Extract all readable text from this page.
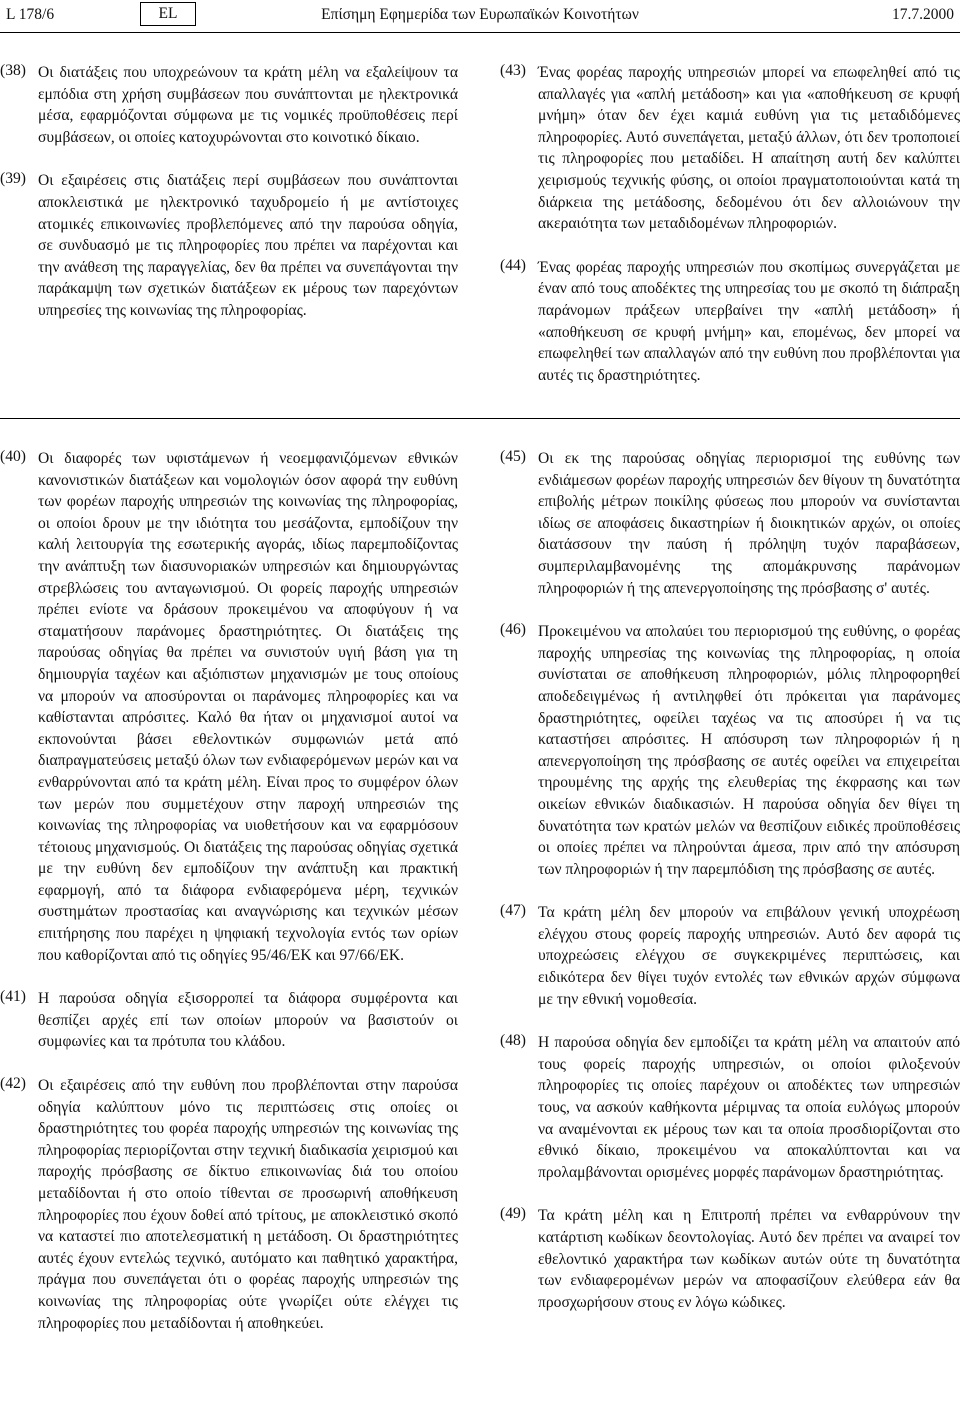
L 178/6	EL	Επίσημη Εφημερίδα των Ευρωπαϊκών Κοινοτήτων	17.7.2000
(38) Οι διατάξεις που υποχρεώνουν τα κράτη μέλη να εξαλείψουν τα εμπόδια στη χρήση συμβάσεων που συνάπτονται με ηλεκτρονικά μέσα, εφαρμόζονται σύμφωνα με τις νομικές προϋποθέσεις περί συμβάσεων, οι οποίες κατοχυρώνονται στο κοινοτικό δίκαιο.
(39) Οι εξαιρέσεις στις διατάξεις περί συμβάσεων που συνάπτονται αποκλειστικά με ηλεκτρονικό ταχυδρομείο ή με αντίστοιχες ατομικές επικοινωνίες προβλεπόμενες από την παρούσα οδηγία, σε συνδυασμό με τις πληροφορίες που πρέπει να παρέχονται και την ανάθεση της παραγγελίας, δεν θα πρέπει να συνεπάγονται την παράκαμψη των σχετικών διατάξεων εκ μέρους των παρεχόντων υπηρεσίες της κοινωνίας της πληροφορίας.
(43) Ένας φορέας παροχής υπηρεσιών μπορεί να επωφεληθεί από τις απαλλαγές για «απλή μετάδοση» και για «αποθήκευση σε κρυφή μνήμη» όταν δεν έχει καμιά ευθύνη για τις μεταδιδόμενες πληροφορίες. Αυτό συνεπάγεται, μεταξύ άλλων, ότι δεν τροποποιεί τις πληροφορίες που μεταδίδει. Η απαίτηση αυτή δεν καλύπτει χειρισμούς τεχνικής φύσης, οι οποίοι πραγματοποιούνται κατά τη διάρκεια της μετάδοσης, δεδομένου ότι δεν αλλοιώνουν την ακεραιότητα των μεταδιδομένων πληροφοριών.
(44) Ένας φορέας παροχής υπηρεσιών που σκοπίμως συνεργάζεται με έναν από τους αποδέκτες της υπηρεσίας του με σκοπό τη διάπραξη παράνομων πράξεων υπερβαίνει την «απλή μετάδοση» ή «αποθήκευση σε κρυφή μνήμη» και, επομένως, δεν μπορεί να επωφεληθεί των απαλλαγών από την ευθύνη που προβλέπονται για αυτές τις δραστηριότητες.
(40) Οι διαφορές των υφιστάμενων ή νεοεμφανιζόμενων εθνικών κανονιστικών διατάξεων και νομολογιών όσον αφορά την ευθύνη των φορέων παροχής υπηρεσιών της κοινωνίας της πληροφορίας, οι οποίοι δρουν με την ιδιότητα του μεσάζοντα, εμποδίζουν την καλή λειτουργία της εσωτερικής αγοράς, ιδίως παρεμποδίζοντας την ανάπτυξη των διασυνοριακών υπηρεσιών και δημιουργώντας στρεβλώσεις του ανταγωνισμού. Οι φορείς παροχής υπηρεσιών πρέπει ενίοτε να δράσουν προκειμένου να αποφύγουν ή να σταματήσουν παράνομες δραστηριότητες. Οι διατάξεις της παρούσας οδηγίας θα πρέπει να συνιστούν υγιή βάση για τη δημιουργία ταχέων και αξιόπιστων μηχανισμών με τους οποίους να μπορούν να αποσύρονται οι παράνομες πληροφορίες και να καθίστανται απρόσιτες. Καλό θα ήταν οι μηχανισμοί αυτοί να εκπονούνται βάσει εθελοντικών συμφωνιών μετά από διαπραγματεύσεις μεταξύ όλων των ενδιαφερόμενων μερών και να ενθαρρύνονται από τα κράτη μέλη. Είναι προς το συμφέρον όλων των μερών που συμμετέχουν στην παροχή υπηρεσιών της κοινωνίας της πληροφορίας να υιοθετήσουν και να εφαρμόσουν τέτοιους μηχανισμούς. Οι διατάξεις της παρούσας οδηγίας σχετικά με την ευθύνη δεν εμποδίζουν την ανάπτυξη και πρακτική εφαρμογή, από τα διάφορα ενδιαφερόμενα μέρη, τεχνικών συστημάτων προστασίας και αναγνώρισης και τεχνικών μέσων επιτήρησης που παρέχει η ψηφιακή τεχνολογία εντός των ορίων που καθορίζονται από τις οδηγίες 95/46/ΕΚ και 97/66/ΕΚ.
(41) Η παρούσα οδηγία εξισορροπεί τα διάφορα συμφέροντα και θεσπίζει αρχές επί των οποίων μπορούν να βασιστούν οι συμφωνίες και τα πρότυπα του κλάδου.
(42) Οι εξαιρέσεις από την ευθύνη που προβλέπονται στην παρούσα οδηγία καλύπτουν μόνο τις περιπτώσεις στις οποίες οι δραστηριότητες του φορέα παροχής υπηρεσιών της κοινωνίας της πληροφορίας περιορίζονται στην τεχνική διαδικασία χειρισμού και παροχής πρόσβασης σε δίκτυο επικοινωνίας διά του οποίου μεταδίδονται ή στο οποίο τίθενται σε προσωρινή αποθήκευση πληροφορίες που έχουν δοθεί από τρίτους, με αποκλειστικό σκοπό να καταστεί πιο αποτελεσματική η μετάδοση. Οι δραστηριότητες αυτές έχουν εντελώς τεχνικό, αυτόματο και παθητικό χαρακτήρα, πράγμα που συνεπάγεται ότι ο φορέας παροχής υπηρεσιών της κοινωνίας της πληροφορίας ούτε γνωρίζει ούτε ελέγχει τις πληροφορίες που μεταδίδονται ή αποθηκεύει.
(45) Οι εκ της παρούσας οδηγίας περιορισμοί της ευθύνης των ενδιάμεσων φορέων παροχής υπηρεσιών δεν θίγουν τη δυνατότητα επιβολής μέτρων ποικίλης φύσεως που μπορούν να συνίστανται ιδίως σε αποφάσεις δικαστηρίων ή διοικητικών αρχών, οι οποίες διατάσσουν την παύση ή πρόληψη τυχόν παραβάσεων, συμπεριλαμβανομένης της απομάκρυνσης παράνομων πληροφοριών ή της απενεργοποίησης της πρόσβασης σ' αυτές.
(46) Προκειμένου να απολαύει του περιορισμού της ευθύνης, ο φορέας παροχής υπηρεσίας της κοινωνίας της πληροφορίας, η οποία συνίσταται σε αποθήκευση πληροφοριών, μόλις πληροφορηθεί αποδεδειγμένως ή αντιληφθεί ότι πρόκειται για παράνομες δραστηριότητες, οφείλει ταχέως να τις αποσύρει ή να τις καταστήσει απρόσιτες. Η απόσυρση των πληροφοριών ή η απενεργοποίηση της πρόσβασης σε αυτές οφείλει να επιχειρείται τηρουμένης της αρχής της ελευθερίας της έκφρασης και των οικείων εθνικών διαδικασιών. Η παρούσα οδηγία δεν θίγει τη δυνατότητα των κρατών μελών να θεσπίζουν ειδικές προϋποθέσεις οι οποίες πρέπει να πληρούνται άμεσα, πριν από την απόσυρση των πληροφοριών ή την παρεμπόδιση της πρόσβασης σε αυτές.
(47) Τα κράτη μέλη δεν μπορούν να επιβάλουν γενική υποχρέωση ελέγχου στους φορείς παροχής υπηρεσιών. Αυτό δεν αφορά τις υποχρεώσεις ελέγχου σε συγκεκριμένες περιπτώσεις, και ειδικότερα δεν θίγει τυχόν εντολές των εθνικών αρχών σύμφωνα με την εθνική νομοθεσία.
(48) Η παρούσα οδηγία δεν εμποδίζει τα κράτη μέλη να απαιτούν από τους φορείς παροχής υπηρεσιών, οι οποίοι φιλοξενούν πληροφορίες τις οποίες παρέχουν οι αποδέκτες των υπηρεσιών τους, να ασκούν καθήκοντα μέριμνας τα οποία ευλόγως μπορούν να αναμένονται εκ μέρους των και τα οποία προσδιορίζονται στο εθνικό δίκαιο, προκειμένου να αποκαλύπτονται και να προλαμβάνονται ορισμένες μορφές παράνομων δραστηριότητας.
(49) Τα κράτη μέλη και η Επιτροπή πρέπει να ενθαρρύνουν την κατάρτιση κωδίκων δεοντολογίας. Αυτό δεν πρέπει να αναιρεί τον εθελοντικό χαρακτήρα των κωδίκων αυτών ούτε τη δυνατότητα των ενδιαφερομένων μερών να αποφασίζουν ελεύθερα εάν θα προσχωρήσουν στους εν λόγω κώδικες.
